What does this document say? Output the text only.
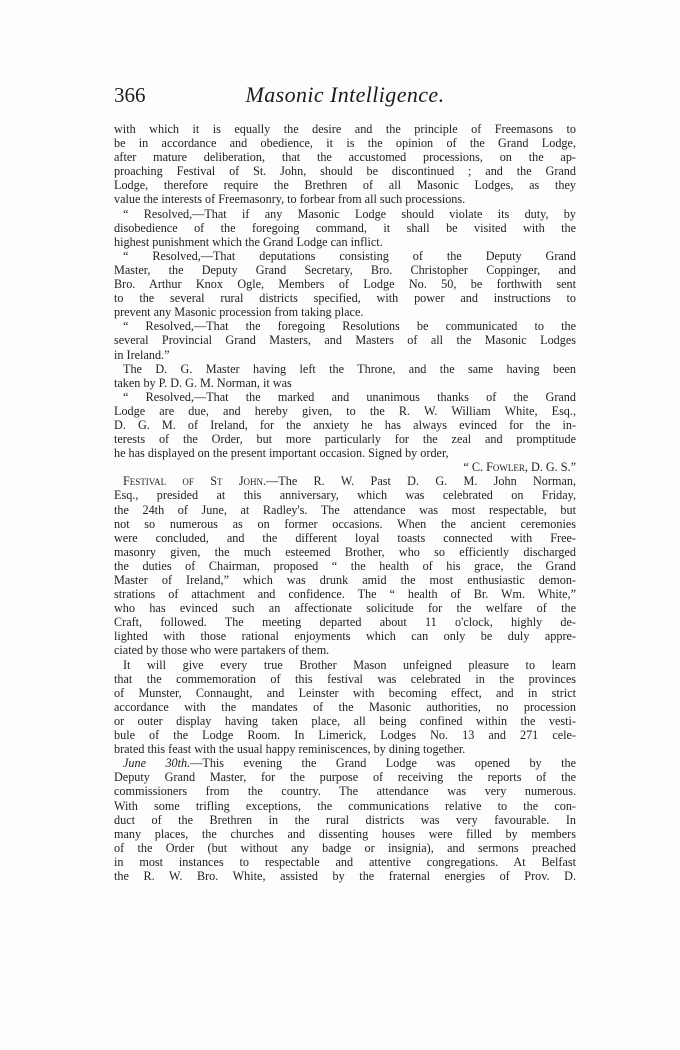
366	Masonic Intelligence.
with which it is equally the desire and the principle of Freemasons to
be in accordance and obedience, it is the opinion of the Grand Lodge,
after mature deliberation, that the accustomed processions, on the ap-
proaching Festival of St. John, should be discontinued ; and the Grand
Lodge, therefore require the Brethren of all Masonic Lodges, as they
value the interests of Freemasonry, to forbear from all such processions.
“ Resolved,—That if any Masonic Lodge should violate its duty, by
disobedience of the foregoing command, it shall be visited with the
highest punishment which the Grand Lodge can inflict.
“ Resolved,—That deputations consisting of the Deputy Grand
Master, the Deputy Grand Secretary, Bro. Christopher Coppinger, and
Bro. Arthur Knox Ogle, Members of Lodge No. 50, be forthwith sent
to the several rural districts specified, with power and instructions to
prevent any Masonic procession from taking place.
“ Resolved,—That the foregoing Resolutions be communicated to the
several Provincial Grand Masters, and Masters of all the Masonic Lodges
in Ireland.”
The D. G. Master having left the Throne, and the same having been
taken by P. D. G. M. Norman, it was
“ Resolved,—That the marked and unanimous thanks of the Grand
Lodge are due, and hereby given, to the R. W. William White, Esq.,
D. G. M. of Ireland, for the anxiety he has always evinced for the in-
terests of the Order, but more particularly for the zeal and promptitude
he has displayed on the present important occasion. Signed by order,
“ C. Fowler, D. G. S.”
Festival of St John.—The R. W. Past D. G. M. John Norman,
Esq., presided at this anniversary, which was celebrated on Friday,
the 24th of June, at Radley's. The attendance was most respectable, but
not so numerous as on former occasions. When the ancient ceremonies
were concluded, and the different loyal toasts connected with Free-
masonry given, the much esteemed Brother, who so efficiently discharged
the duties of Chairman, proposed “ the health of his grace, the Grand
Master of Ireland,” which was drunk amid the most enthusiastic demon-
strations of attachment and confidence. The “ health of Br. Wm. White,”
who has evinced such an affectionate solicitude for the welfare of the
Craft, followed. The meeting departed about 11 o'clock, highly de-
lighted with those rational enjoyments which can only be duly appre-
ciated by those who were partakers of them.
It will give every true Brother Mason unfeigned pleasure to learn
that the commemoration of this festival was celebrated in the provinces
of Munster, Connaught, and Leinster with becoming effect, and in strict
accordance with the mandates of the Masonic authorities, no procession
or outer display having taken place, all being confined within the vesti-
bule of the Lodge Room. In Limerick, Lodges No. 13 and 271 cele-
brated this feast with the usual happy reminiscences, by dining together.
June 30th.—This evening the Grand Lodge was opened by the
Deputy Grand Master, for the purpose of receiving the reports of the
commissioners from the country. The attendance was very numerous.
With some trifling exceptions, the communications relative to the con-
duct of the Brethren in the rural districts was very favourable. In
many places, the churches and dissenting houses were filled by members
of the Order (but without any badge or insignia), and sermons preached
in most instances to respectable and attentive congregations. At Belfast
the R. W. Bro. White, assisted by the fraternal energies of Prov. D.
